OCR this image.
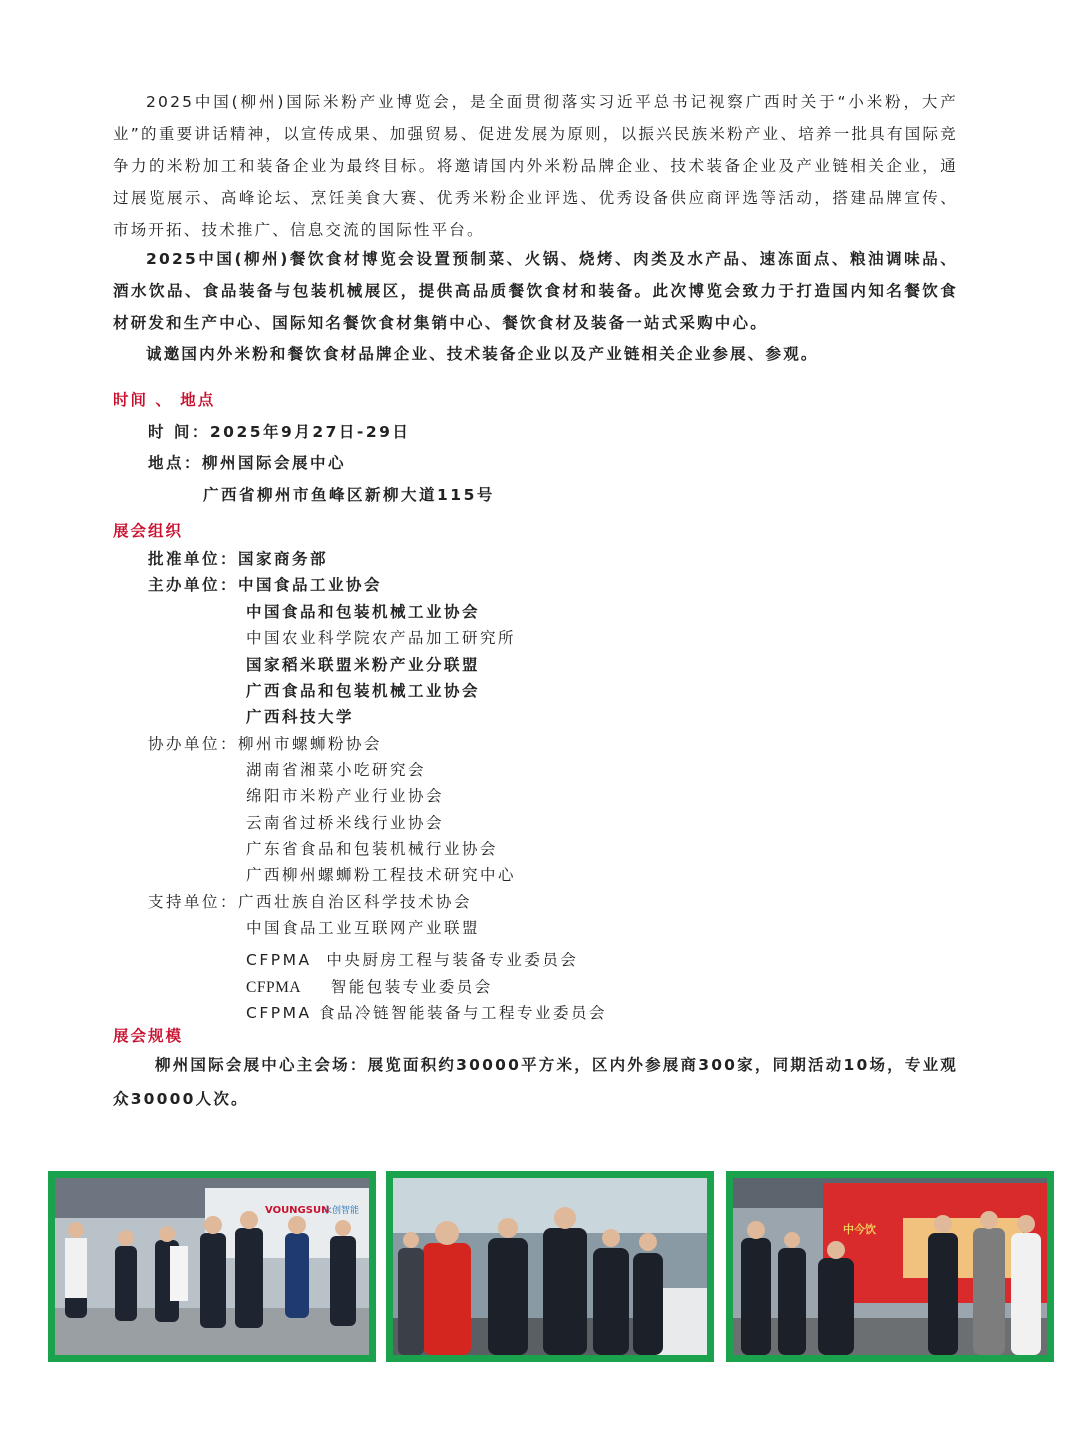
2025中国(柳州)国际米粉产业博览会，是全面贯彻落实习近平总书记视察广西时关于“小米粉，大产业”的重要讲话精神，以宣传成果、加强贸易、促进发展为原则，以振兴民族米粉产业、培养一批具有国际竞争力的米粉加工和装备企业为最终目标。将邀请国内外米粉品牌企业、技术装备企业及产业链相关企业，通过展览展示、高峰论坛、烹饪美食大赛、优秀米粉企业评选、优秀设备供应商评选等活动，搭建品牌宣传、市场开拓、技术推广、信息交流的国际性平台。

2025中国(柳州)餐饮食材博览会设置预制菜、火锅、烧烤、肉类及水产品、速冻面点、粮油调味品、酒水饮品、食品装备与包装机械展区，提供高品质餐饮食材和装备。此次博览会致力于打造国内知名餐饮食材研发和生产中心、国际知名餐饮食材集销中心、餐饮食材及装备一站式采购中心。

诚邀国内外米粉和餐饮食材品牌企业、技术装备企业以及产业链相关企业参展、参观。

时间 、 地点
时 间：2025年9月27日-29日
地点：柳州国际会展中心
广西省柳州市鱼峰区新柳大道115号
展会组织
批准单位：国家商务部
主办单位：中国食品工业协会
中国食品和包装机械工业协会
中国农业科学院农产品加工研究所
国家稻米联盟米粉产业分联盟
广西食品和包装机械工业协会
广西科技大学
协办单位：柳州市螺蛳粉协会
湖南省湘菜小吃研究会
绵阳市米粉产业行业协会
云南省过桥米线行业协会
广东省食品和包装机械行业协会
广西柳州螺蛳粉工程技术研究中心
支持单位：广西壮族自治区科学技术协会
中国食品工业互联网产业联盟
CFPMA 中央厨房工程与装备专业委员会
CFPMA 智能包装专业委员会
CFPMA 食品冷链智能装备与工程专业委员会
展会规模

柳州国际会展中心主会场：展览面积约30000平方米，区内外参展商300家，同期活动10场，专业观众30000人次。

VOUNGSUN
永创智能
中今饮
